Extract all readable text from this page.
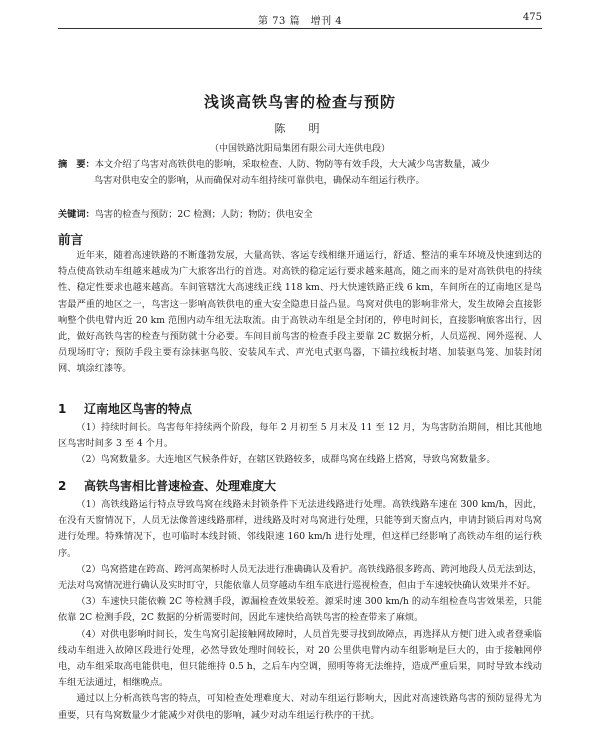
第 73 篇　增刊 4	475
浅谈高铁鸟害的检查与预防
陈　明
（中国铁路沈阳局集团有限公司大连供电段）
摘　要：本文介绍了鸟害对高铁供电的影响，采取检查、人防、物防等有效手段，大大减少鸟害数量，减少
鸟害对供电安全的影响，从而确保对动车组持续可靠供电，确保动车组运行秩序。
关键词：鸟害的检查与预防；2C 检测；人防；物防；供电安全
前言

近年来，随着高速铁路的不断蓬勃发展，大量高铁、客运专线相继开通运行，舒适、整洁的乘车环境及快速到达的特点使高铁动车组越来越成为广大旅客出行的首选。对高铁的稳定运行要求越来越高，随之而来的是对高铁供电的持续性、稳定性要求也越来越高。车间管辖沈大高速线正线 118 km、丹大快速铁路正线 6 km，车间所在的辽南地区是鸟害最严重的地区之一，鸟害这一影响高铁供电的重大安全隐患日益凸显。鸟窝对供电的影响非常大，发生故障会直接影响整个供电臂内近 20 km 范围内动车组无法取流。由于高铁动车组是全封闭的，停电时间长，直接影响旅客出行，因此，做好高铁鸟害的检查与预防就十分必要。车间目前鸟害的检查手段主要靠 2C 数据分析，人员巡视、网外巡视、人员现场盯守；预防手段主要有涂抹驱鸟胶、安装风车式、声光电式驱鸟器，下锚拉线板封堵、加装驱鸟笼、加装封闭网、填涂红漆等。

1 辽南地区鸟害的特点

（1）持续时间长。鸟害每年持续两个阶段，每年 2 月初至 5 月末及 11 至 12 月，为鸟害防治期间，相比其他地区鸟害时间多 3 至 4 个月。

（2）鸟窝数量多。大连地区气候条件好，在辖区铁路较多，成群鸟窝在线路上搭窝，导致鸟窝数量多。

2 高铁鸟害相比普速检查、处理难度大

（1）高铁线路运行特点导致鸟窝在线路未封锁条件下无法进线路进行处理。高铁线路车速在 300 km/h，因此，在没有天窗情况下，人员无法像普速线路那样，进线路及时对鸟窝进行处理，只能等到天窗点内，申请封锁后再对鸟窝进行处理。特殊情况下，也可临时本线封锁、邻线限速 160 km/h 进行处理，但这样已经影响了高铁动车组的运行秩序。

（2）鸟窝搭建在跨高、跨河高架桥时人员无法进行准确确认及看护。高铁线路很多跨高、跨河地段人员无法到达，无法对鸟窝情况进行确认及实时盯守，只能依靠人员穿越动车组车底进行巡视检查，但由于车速较快确认效果并不好。

（3）车速快只能依赖 2C 等检测手段，源漏检查效果较差。源采时速 300 km/h 的动车组检查鸟害效果差，只能依靠 2C 检测手段，2C 数据的分析需要时间，因此车速快给高铁鸟害的检查带来了麻烦。

（4）对供电影响时间长，发生鸟窝引起接触网故障时，人员首先要寻找到故障点，再选择从方便门进入或者登乘临线动车组进入故障区段进行处理，必然导致处理时间较长，对 20 公里供电臂内动车组影响是巨大的，由于接触网停电，动车组采取高电能供电，但只能维持 0.5 h，之后车内空调，照明等将无法维持，造成严重后果，同时导致本线动车组无法通过，相继晚点。

通过以上分析高铁鸟害的特点，可知检查处理难度大、对动车组运行影响大，因此对高速铁路鸟害的预防显得尤为重要，只有鸟窝数量少才能减少对供电的影响，减少对动车组运行秩序的干扰。
